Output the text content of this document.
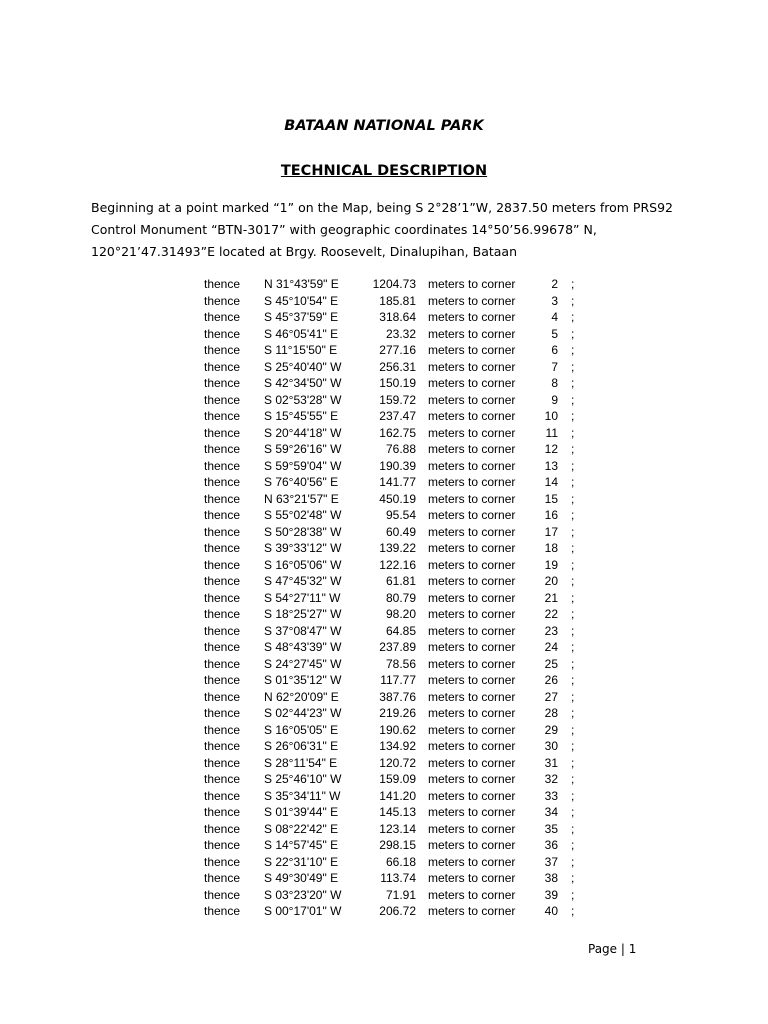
BATAAN NATIONAL PARK
TECHNICAL DESCRIPTION
Beginning at a point marked “1” on the Map, being S 2°28’1”W, 2837.50 meters from PRS92
Control Monument “BTN-3017” with geographic coordinates 14°50’56.99678” N,
120°21’47.31493”E located at Brgy. Roosevelt, Dinalupihan, Bataan
thence N 31°43'59" E	1204.73 meters to corner	2 ;
thence S 45°10'54" E	185.81 meters to corner	3 ;
thence S 45°37'59" E	318.64 meters to corner	4 ;
thence S 46°05'41" E	23.32 meters to corner	5 ;
thence S 11°15'50" E	277.16 meters to corner	6 ;
thence S 25°40'40" W	256.31 meters to corner	7 ;
thence S 42°34'50" W	150.19 meters to corner	8 ;
thence S 02°53'28" W	159.72 meters to corner	9 ;
thence S 15°45'55" E	237.47 meters to corner 10 ;
thence S 20°44'18" W	162.75 meters to corner	11 ;
thence S 59°26'16" W	76.88 meters to corner 12 ;
thence S 59°59'04" W	190.39 meters to corner 13 ;
thence S 76°40'56" E	141.77 meters to corner 14 ;
thence N 63°21'57" E	450.19 meters to corner 15 ;
thence S 55°02'48" W	95.54 meters to corner 16 ;
thence S 50°28'38" W	60.49 meters to corner 17 ;
thence S 39°33'12" W	139.22 meters to corner 18 ;
thence S 16°05'06" W	122.16 meters to corner 19 ;
thence S 47°45'32" W	61.81 meters to corner 20 ;
thence S 54°27'11" W	80.79 meters to corner 21 ;
thence S 18°25'27" W	98.20 meters to corner 22 ;
thence S 37°08'47" W	64.85 meters to corner 23 ;
thence S 48°43'39" W	237.89 meters to corner 24 ;
thence S 24°27'45" W	78.56 meters to corner 25 ;
thence S 01°35'12" W	117.77 meters to corner 26 ;
thence N 62°20'09" E	387.76 meters to corner 27 ;
thence S 02°44'23" W	219.26 meters to corner 28 ;
thence S 16°05'05" E	190.62 meters to corner 29 ;
thence S 26°06'31" E	134.92 meters to corner 30 ;
thence S 28°11'54" E	120.72 meters to corner 31 ;
thence S 25°46'10" W	159.09 meters to corner 32 ;
thence S 35°34'11" W	141.20 meters to corner 33 ;
thence S 01°39'44" E	145.13 meters to corner 34 ;
thence S 08°22'42" E	123.14 meters to corner 35 ;
thence S 14°57'45" E	298.15 meters to corner 36 ;
thence S 22°31'10" E	66.18 meters to corner 37 ;
thence S 49°30'49" E	113.74 meters to corner 38 ;
thence S 03°23'20" W	71.91 meters to corner 39 ;
thence S 00°17'01" W	206.72 meters to corner 40 ;
Page | 1
